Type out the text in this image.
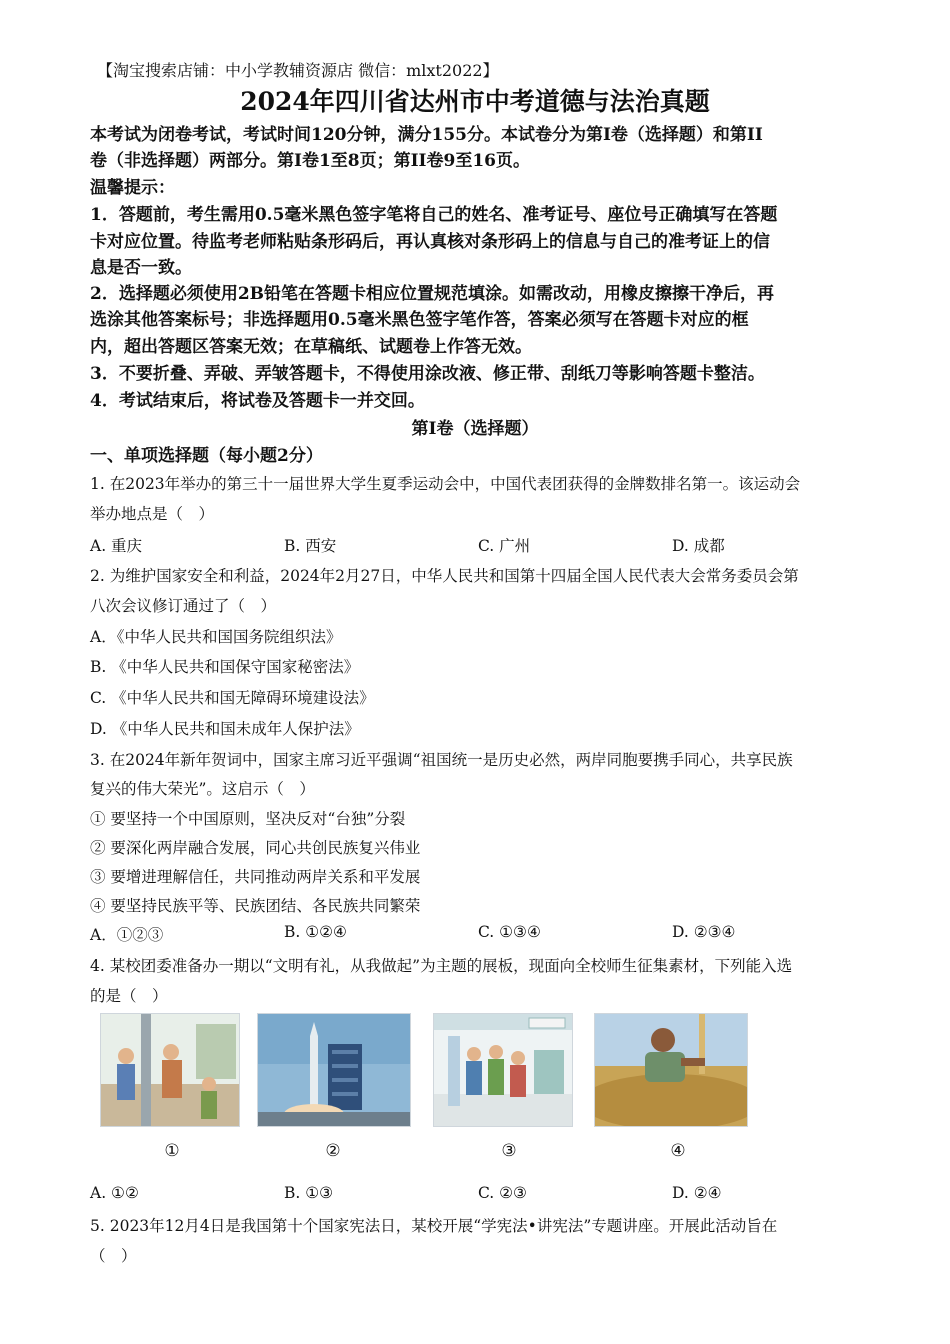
【淘宝搜索店铺：中小学教辅资源店 微信：mlxt2022】
2024年四川省达州市中考道德与法治真题
本考试为闭卷考试，考试时间120分钟，满分155分。本试卷分为第I卷（选择题）和第II
卷（非选择题）两部分。第I卷1至8页；第II卷9至16页。
温馨提示：
1．答题前，考生需用0.5毫米黑色签字笔将自己的姓名、准考证号、座位号正确填写在答题
卡对应位置。待监考老师粘贴条形码后，再认真核对条形码上的信息与自己的准考证上的信
息是否一致。
2．选择题必须使用2B铅笔在答题卡相应位置规范填涂。如需改动，用橡皮擦擦干净后，再
选涂其他答案标号；非选择题用0.5毫米黑色签字笔作答，答案必须写在答题卡对应的框
内，超出答题区答案无效；在草稿纸、试题卷上作答无效。
3．不要折叠、弄破、弄皱答题卡，不得使用涂改液、修正带、刮纸刀等影响答题卡整洁。
4．考试结束后，将试卷及答题卡一并交回。
第Ⅰ卷（选择题）
一、单项选择题（每小题2分）
1. 在2023年举办的第三十一届世界大学生夏季运动会中，中国代表团获得的金牌数排名第一。该运动会
举办地点是（　）
A. 重庆	B. 西安	C. 广州	D. 成都
2. 为维护国家安全和利益，2024年2月27日，中华人民共和国第十四届全国人民代表大会常务委员会第
八次会议修订通过了（　）
A．《中华人民共和国国务院组织法》
B. 《中华人民共和国保守国家秘密法》
C. 《中华人民共和国无障碍环境建设法》
D. 《中华人民共和国未成年人保护法》
3. 在2024年新年贺词中，国家主席习近平强调“祖国统一是历史必然，两岸同胞要携手同心，共享民族
复兴的伟大荣光”。这启示（　）
① 要坚持一个中国原则，坚决反对“台独”分裂
② 要深化两岸融合发展，同心共创民族复兴伟业
③ 要增进理解信任，共同推动两岸关系和平发展
④ 要坚持民族平等、民族团结、各民族共同繁荣
A．①②③	B. ①②④	C. ①③④	D. ②③④
4. 某校团委准备办一期以“文明有礼，从我做起”为主题的展板，现面向全校师生征集素材，下列能入选
的是（　）
①	②	③	④
A. ①②	B. ①③	C. ②③	D. ②④
5. 2023年12月4日是我国第十个国家宪法日，某校开展“学宪法•讲宪法”专题讲座。开展此活动旨在
（　）
